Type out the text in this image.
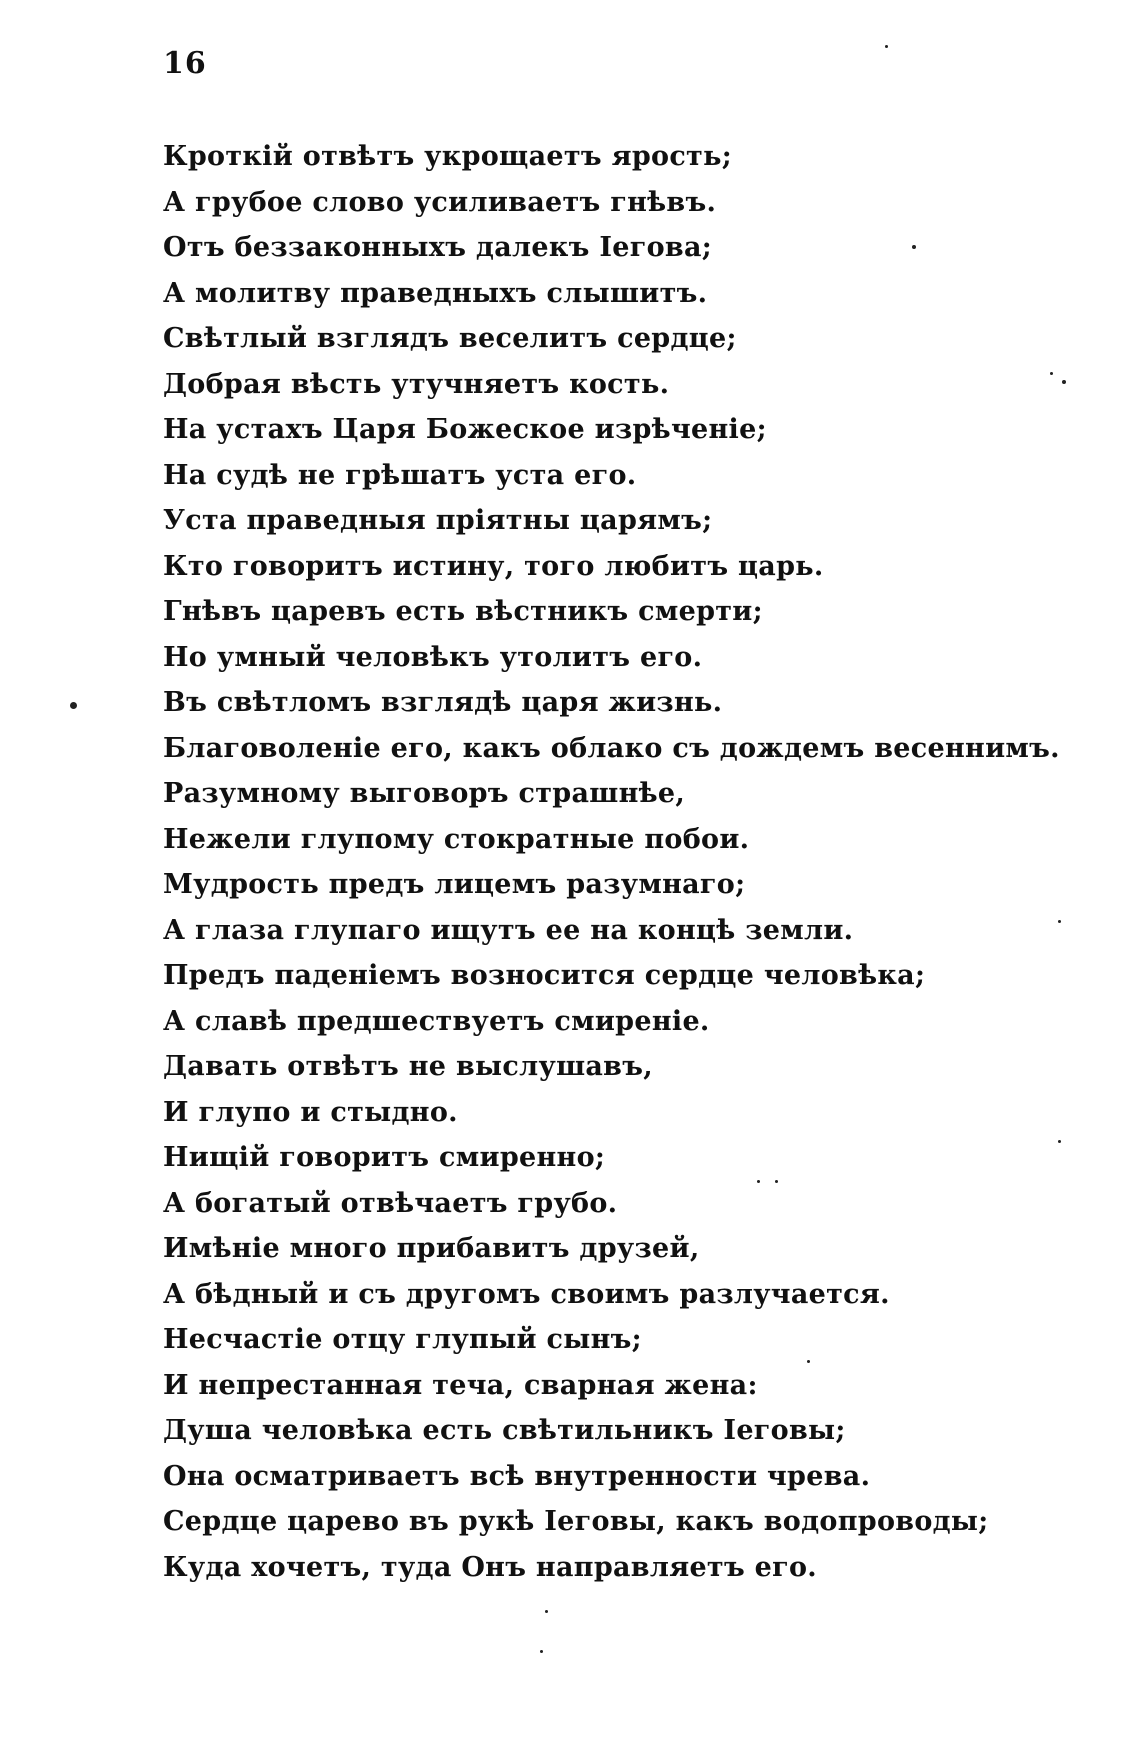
16
Кроткій отвѣтъ укрощаетъ ярость;
А грубое слово усиливаетъ гнѣвъ.
Отъ беззаконныхъ далекъ Іегова;
А молитву праведныхъ слышитъ.
Свѣтлый взглядъ веселитъ сердце;
Добрая вѣсть утучняетъ кость.
На устахъ Царя Божеское изрѣченіе;
На судѣ не грѣшатъ уста его.
Уста праведныя пріятны царямъ;
Кто говоритъ истину, того любитъ царь.
Гнѣвъ царевъ есть вѣстникъ смерти;
Но умный человѣкъ утолитъ его.
Въ свѣтломъ взглядѣ царя жизнь.
Благоволеніе его, какъ облако съ дождемъ весеннимъ.
Разумному выговоръ страшнѣе,
Нежели глупому стократные побои.
Мудрость предъ лицемъ разумнаго;
А глаза глупаго ищутъ ее на концѣ земли.
Предъ паденіемъ возносится сердце человѣка;
А славѣ предшествуетъ смиреніе.
Давать отвѣтъ не выслушавъ,
И глупо и стыдно.
Нищій говоритъ смиренно;
А богатый отвѣчаетъ грубо.
Имѣніе много прибавитъ друзей,
А бѣдный и съ другомъ своимъ разлучается.
Несчастіе отцу глупый сынъ;
И непрестанная теча, сварная жена:
Душа человѣка есть свѣтильникъ Іеговы;
Она осматриваетъ всѣ внутренности чрева.
Сердце царево въ рукѣ Іеговы, какъ водопроводы;
Куда хочетъ, туда Онъ направляетъ его.
